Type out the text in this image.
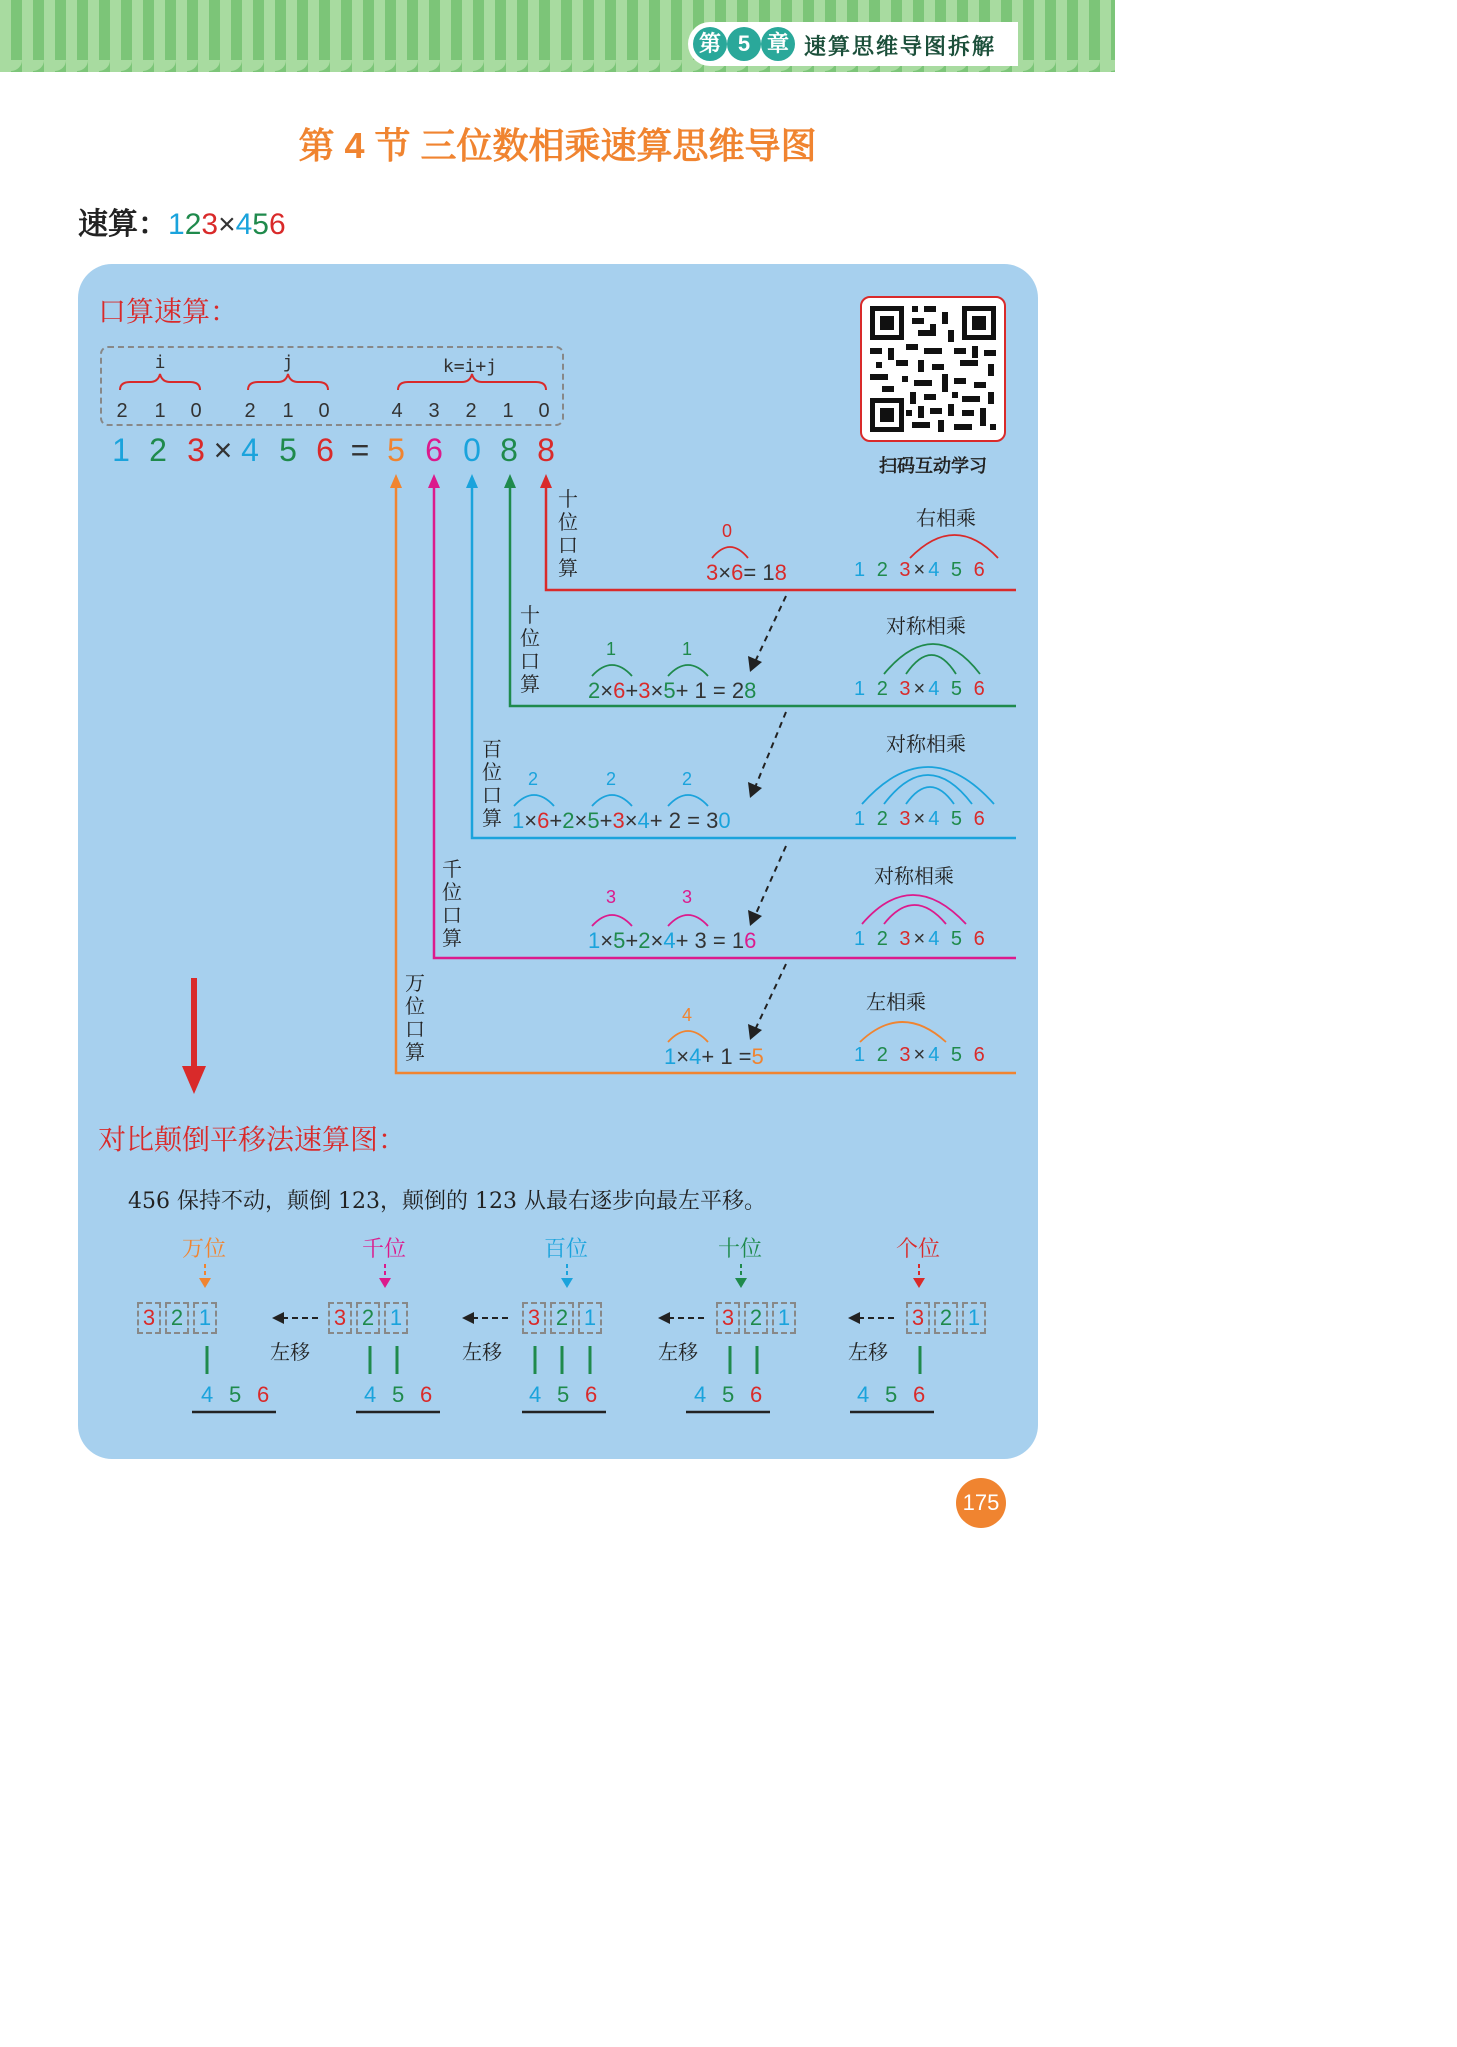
第 5 章 速算思维导图拆解
第 4 节 三位数相乘速算思维导图
速算：123×456
口算速算：
扫码互动学习
i	j	k=i+j
2 1 0 2 1 0	4 3 2 1 0
1 2 3 × 4 5 6 = 5 6 0 8 8
十
位
口
算
右相乘
0
3×6= 18
十
位
口
算
对称相乘
1	1
2×6+3×5+ 1 = 28
百
位
口
算
对称相乘
2	2	2
1×6+2×5+3×4+ 2 = 30
千
位
口
算
对称相乘
3	3
1×5+2×4+ 3 = 16
万
位
口
算
左相乘
4
1×4+ 1 =5
1 2 3×4 5 6
1 2 3×4 5 6
1 2 3×4 5 6
1 2 3×4 5 6
1 2 3×4 5 6
对比颠倒平移法速算图：
456 保持不动，颠倒 123，颠倒的 123 从最右逐步向最左平移。
万位	千位	百位	十位	个位
左移	左移	左移	左移
3 2 1	3 2 1	3 2 1	3 2 1	3 2 1
4 5 6	4 5 6	4 5 6	4 5 6	4 5 6
175
